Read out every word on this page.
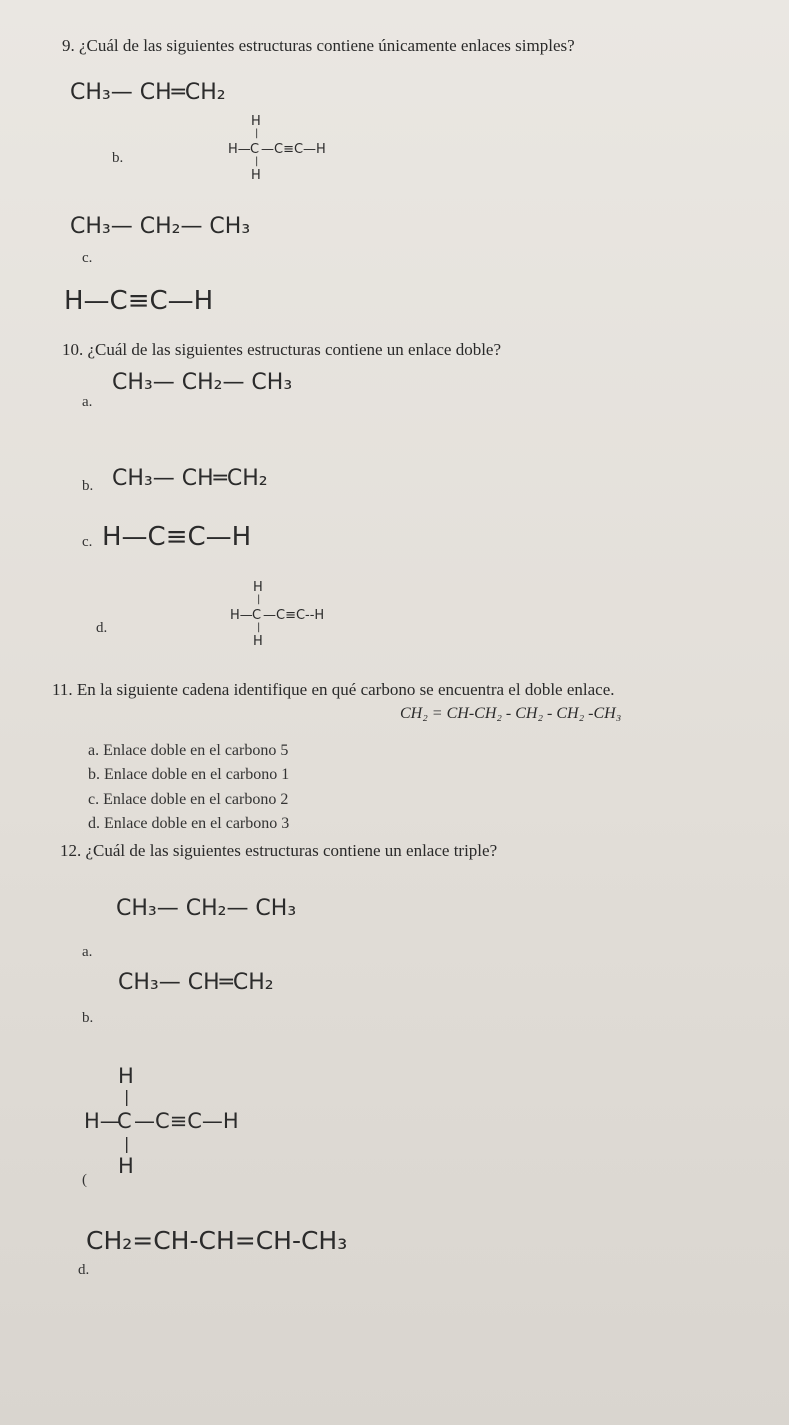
9. ¿Cuál de las siguientes estructuras contiene únicamente enlaces simples?
CH₃— CH═CH₂
b.
H
|
H— C —C≡C—H
|
H
CH₃— CH₂— CH₃
c.
H—C≡C—H
10. ¿Cuál de las siguientes estructuras contiene un enlace doble?
a.
CH₃— CH₂— CH₃
b. CH₃— CH═CH₂
c. H—C≡C—H
d.
H
|
H— C —C≡C--H
|
H
11. En la siguiente cadena identifique en qué carbono se encuentra el doble enlace.
CH₂ = CH-CH₂ - CH₂ - CH₂ -CH₃
a. Enlace doble en el carbono 5
b. Enlace doble en el carbono 1
c. Enlace doble en el carbono 2
d. Enlace doble en el carbono 3
12. ¿Cuál de las siguientes estructuras contiene un enlace triple?
CH₃— CH₂— CH₃
a.
CH₃— CH═CH₂
b.
H
|
H—
C —C≡C—H
|
H
(
CH₂=CH-CH=CH-CH₃
d.
